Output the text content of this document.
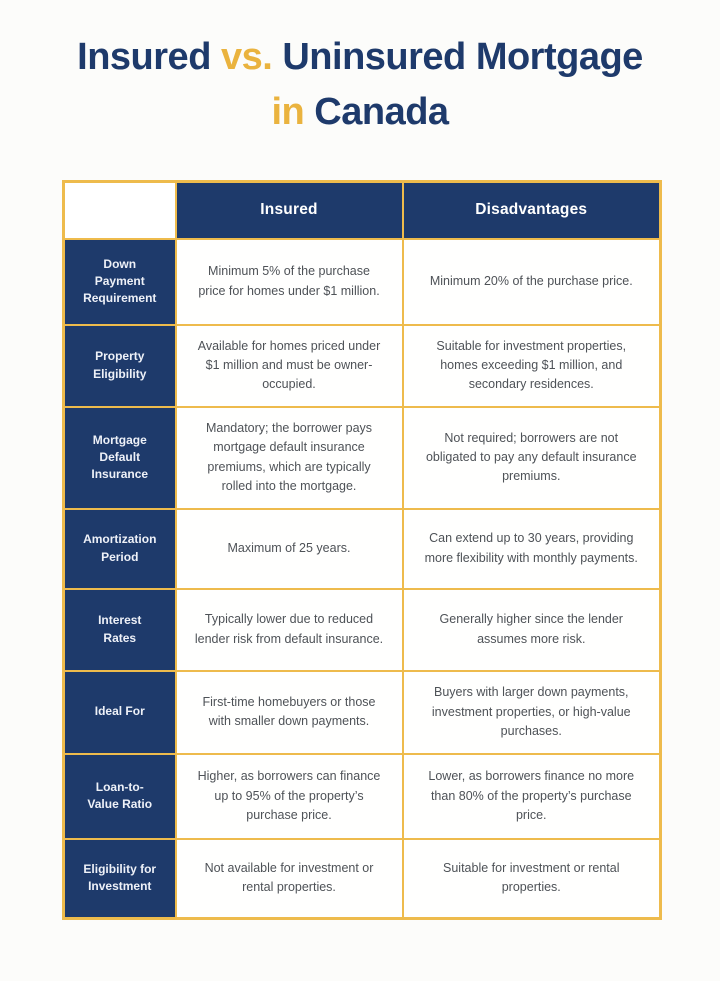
Insured vs. Uninsured Mortgage
in Canada
	Insured	Disadvantages
Down Payment Requirement	Minimum 5% of the purchase price for homes under $1 million.	Minimum 20% of the purchase price.
Property Eligibility	Available for homes priced under $1 million and must be owner-occupied.	Suitable for investment properties, homes exceeding $1 million, and secondary residences.
Mortgage Default Insurance	Mandatory; the borrower pays mortgage default insurance premiums, which are typically rolled into the mortgage.	Not required; borrowers are not obligated to pay any default insurance premiums.
Amortization Period	Maximum of 25 years.	Can extend up to 30 years, providing more flexibility with monthly payments.
Interest Rates	Typically lower due to reduced lender risk from default insurance.	Generally higher since the lender assumes more risk.
Ideal For	First-time homebuyers or those with smaller down payments.	Buyers with larger down payments, investment properties, or high-value purchases.
Loan-to-Value Ratio	Higher, as borrowers can finance up to 95% of the property’s purchase price.	Lower, as borrowers finance no more than 80% of the property’s purchase price.
Eligibility for Investment	Not available for investment or rental properties.	Suitable for investment or rental properties.
